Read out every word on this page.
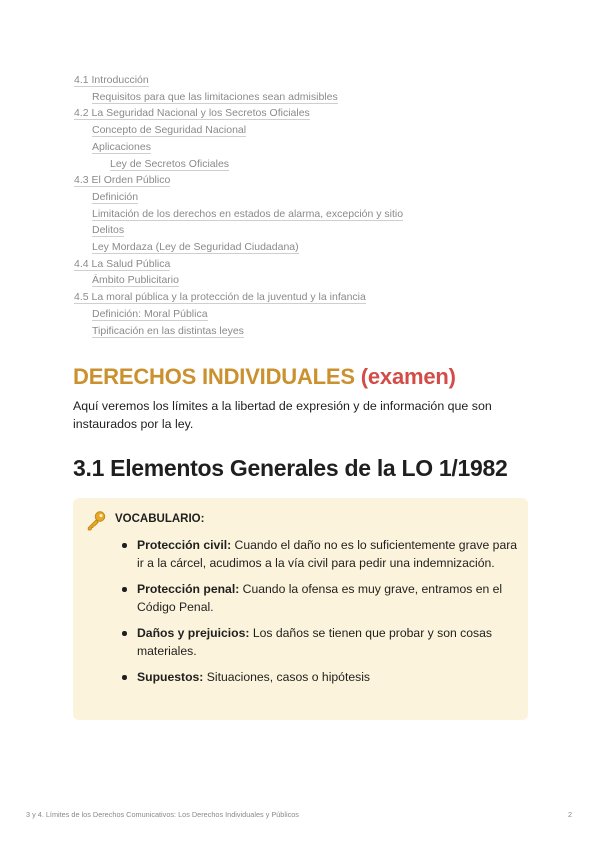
4.1 Introducción
Requisitos para que las limitaciones sean admisibles
4.2 La Seguridad Nacional y los Secretos Oficiales
Concepto de Seguridad Nacional
Aplicaciones
Ley de Secretos Oficiales
4.3 El Orden Público
Definición
Limitación de los derechos en estados de alarma, excepción y sitio
Delitos
Ley Mordaza (Ley de Seguridad Ciudadana)
4.4 La Salud Pública
Ámbito Publicitario
4.5 La moral pública y la protección de la juventud y la infancia
Definición: Moral Pública
Tipificación en las distintas leyes
DERECHOS INDIVIDUALES (examen)

Aquí veremos los límites a la libertad de expresión y de información que son instaurados por la ley.

3.1 Elementos Generales de la LO 1/1982
VOCABULARIO:
Protección civil: Cuando el daño no es lo suficientemente grave para ir a la cárcel, acudimos a la vía civil para pedir una indemnización.
Protección penal: Cuando la ofensa es muy grave, entramos en el Código Penal.
Daños y prejuicios: Los daños se tienen que probar y son cosas materiales.
Supuestos: Situaciones, casos o hipótesis
3 y 4. Límites de los Derechos Comunicativos: Los Derechos Individuales y Públicos	2
